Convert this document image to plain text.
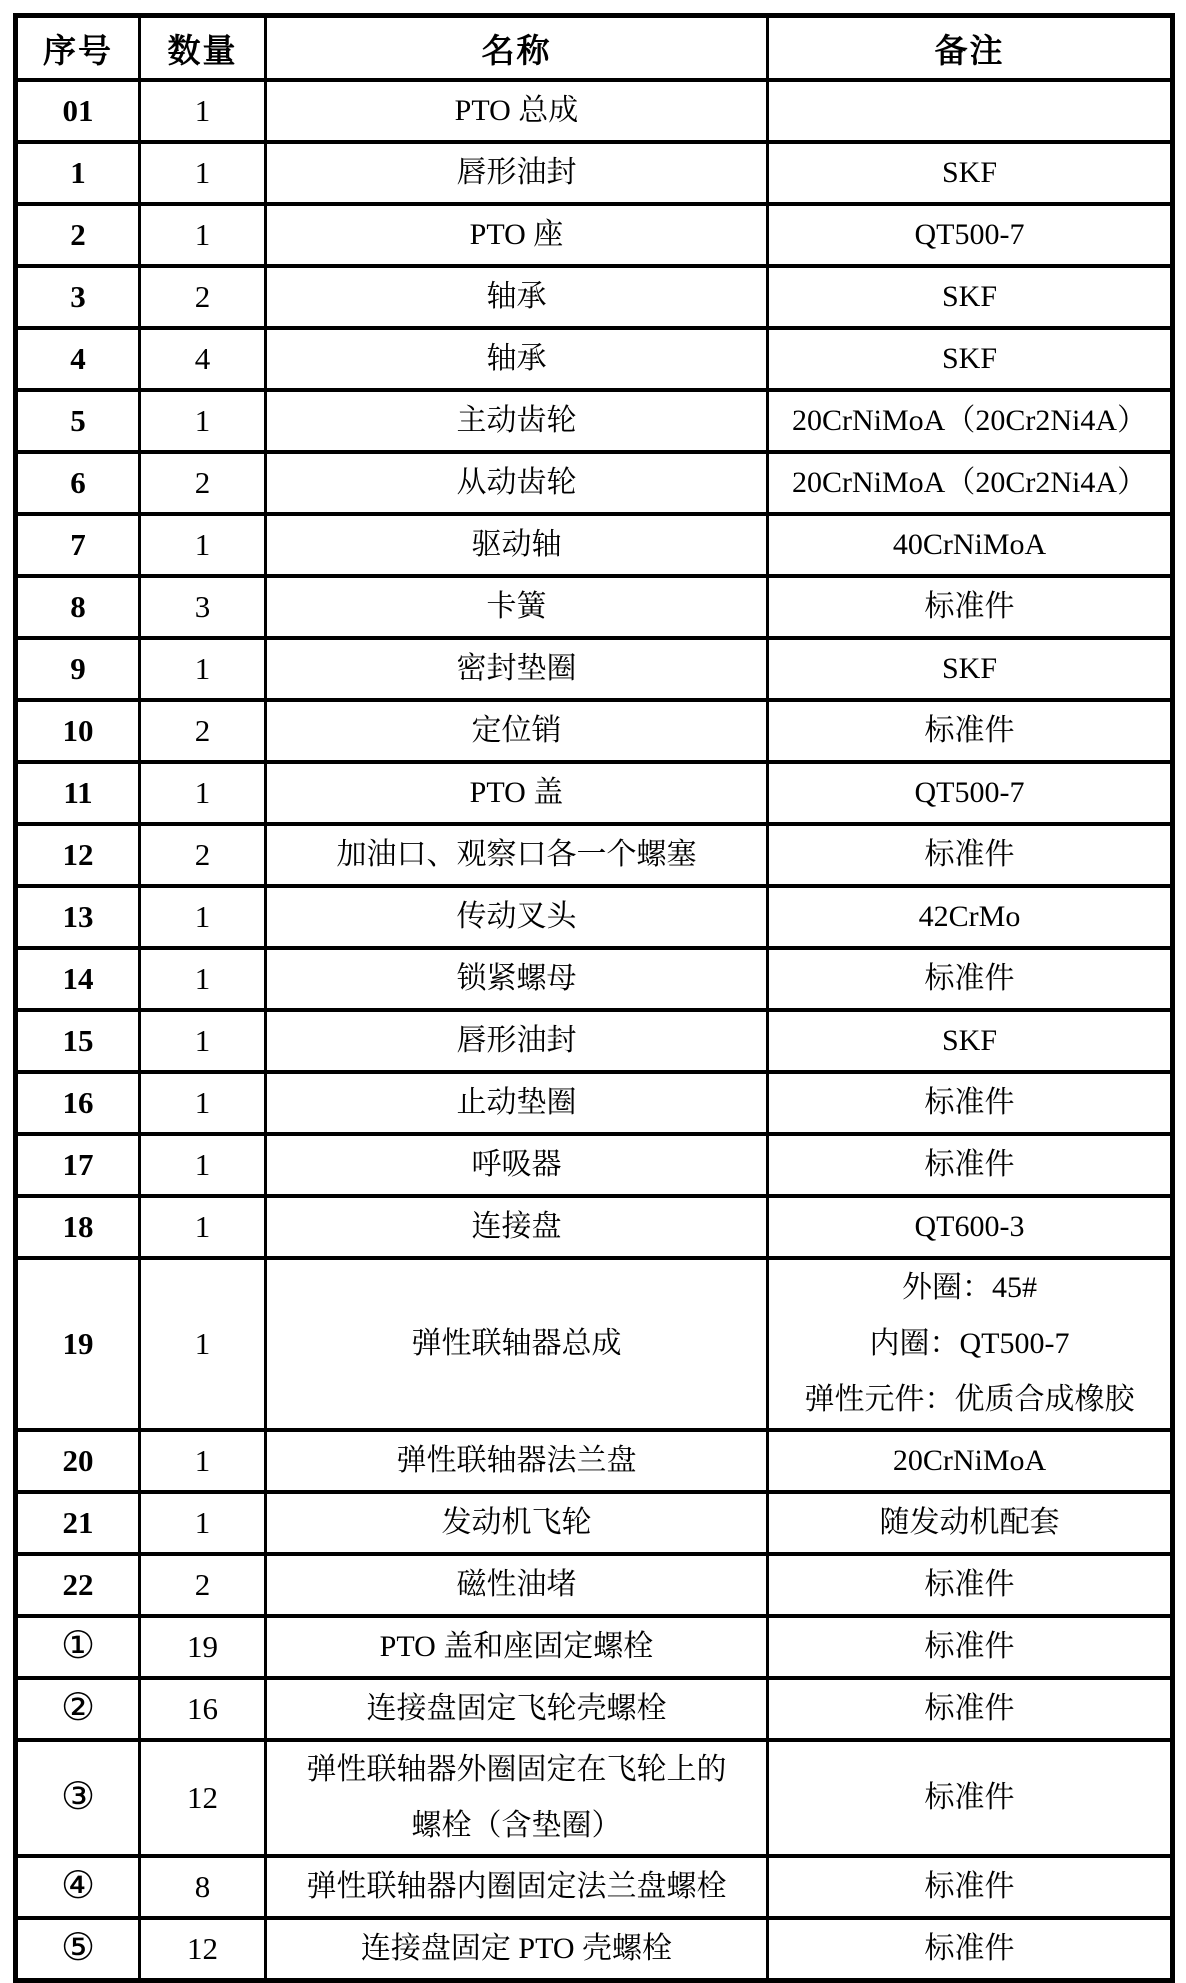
序号	数量	名称	备注
01	1	PTO 总成	
1	1	唇形油封	SKF
2	1	PTO 座	QT500-7
3	2	轴承	SKF
4	4	轴承	SKF
5	1	主动齿轮	20CrNiMoA（20Cr2Ni4A）
6	2	从动齿轮	20CrNiMoA（20Cr2Ni4A）
7	1	驱动轴	40CrNiMoA
8	3	卡簧	标准件
9	1	密封垫圈	SKF
10	2	定位销	标准件
11	1	PTO 盖	QT500-7
12	2	加油口、观察口各一个螺塞	标准件
13	1	传动叉头	42CrMo
14	1	锁紧螺母	标准件
15	1	唇形油封	SKF
16	1	止动垫圈	标准件
17	1	呼吸器	标准件
18	1	连接盘	QT600-3
19	1	弹性联轴器总成	外圈：45#
内圈：QT500-7
弹性元件：优质合成橡胶

20	1	弹性联轴器法兰盘	20CrNiMoA
21	1	发动机飞轮	随发动机配套
22	2	磁性油堵	标准件
①	19	PTO 盖和座固定螺栓	标准件
②	16	连接盘固定飞轮壳螺栓	标准件
③	12	弹性联轴器外圈固定在飞轮上的
螺栓（含垫圈）	标准件
④	8	弹性联轴器内圈固定法兰盘螺栓	标准件
⑤	12	连接盘固定 PTO 壳螺栓	标准件
